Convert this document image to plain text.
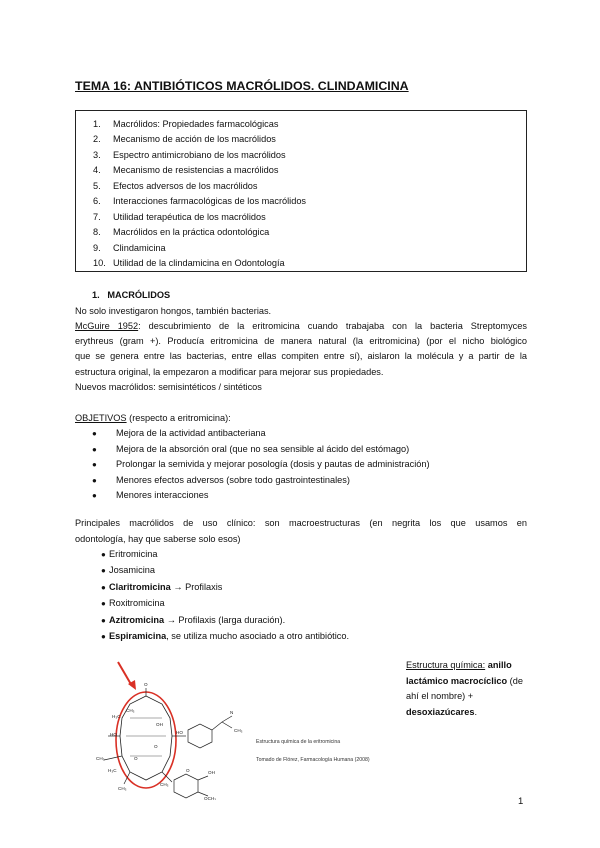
TEMA 16: ANTIBIÓTICOS MACRÓLIDOS. CLINDAMICINA
1. Macrólidos: Propiedades farmacológicas
2. Mecanismo de acción de los macrólidos
3. Espectro antimicrobiano de los macrólidos
4. Mecanismo de resistencias a macrólidos
5. Efectos adversos de los macrólidos
6. Interacciones farmacológicas de los macrólidos
7. Utilidad terapéutica de los macrólidos
8. Macrólidos en la práctica odontológica
9. Clindamicina
10. Utilidad de la clindamicina en Odontología
1. MACRÓLIDOS
No solo investigaron hongos, también bacterias.
McGuire 1952: descubrimiento de la eritromicina cuando trabajaba con la bacteria Streptomyces
erythreus (gram +). Producía eritromicina de manera natural (la eritromicina) (por el nicho biológico
que se genera entre las bacterias, entre ellas compiten entre sí), aislaron la molécula y a partir de la
estructura original, la empezaron a modificar para mejorar sus propiedades.
Nuevos macrólidos: semisintéticos / sintéticos
OBJETIVOS (respecto a eritromicina):
● Mejora de la actividad antibacteriana
● Mejora de la absorción oral (que no sea sensible al ácido del estómago)
● Prolongar la semivida y mejorar posología (dosis y pautas de administración)
● Menores efectos adversos (sobre todo gastrointestinales)
● Menores interacciones
Principales macrólidos de uso clínico: son macroestructuras (en negrita los que usamos en
odontología, hay que saberse solo esos)
● Eritromicina
● Josamicina
● Claritromicina → Profilaxis
● Roxitromicina
● Azitromicina → Profilaxis (larga duración).
● Espiramicina, se utiliza mucho asociado a otro antibiótico.
Estructura química: anillo lactámico macrocíclico (de ahí el nombre) + desoxiazúcares.
O
H₃C
CH₃
HO
OH
N
CH₃
HO
O
CH₃	O
H₃C	O
CH₃
OCH₃
OH
CH₃
Estructura química de la eritromicina
Tomado de Flórez, Farmacología Humana (2008)
1
